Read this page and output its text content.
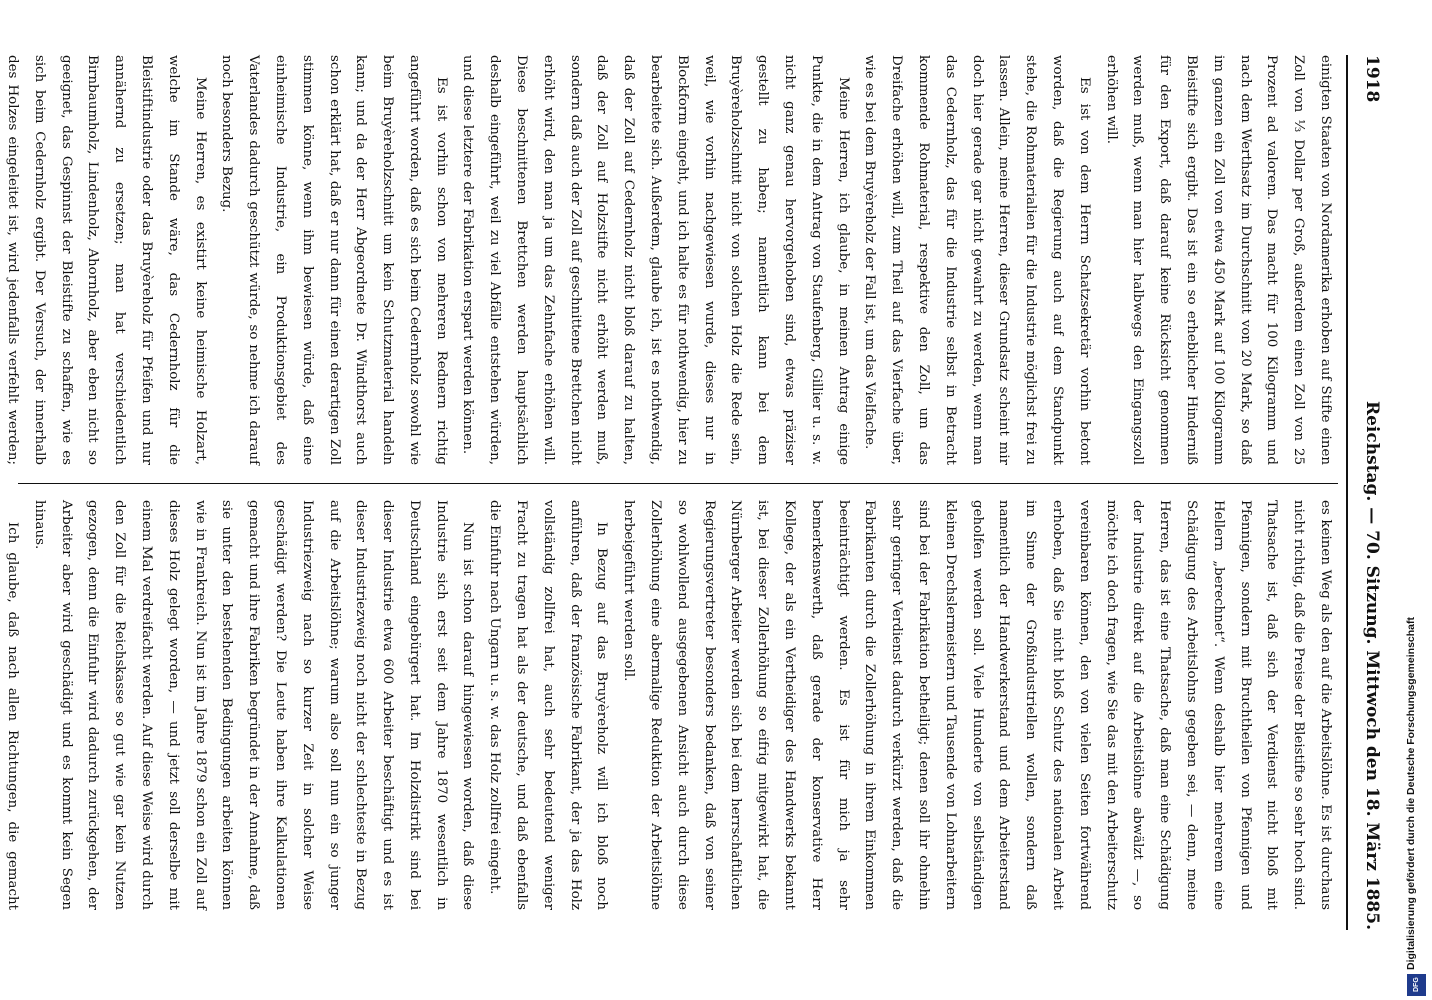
1918
Reichstag. — 70. Sitzung. Mittwoch den 18. März 1885.

einigten Staaten von Nordamerika erhoben auf Stifte einen Zoll von ⅓ Dollar per Groß, außerdem einen Zoll von 25 Prozent ad valorem. Das macht für 100 Kilogramm und nach dem Werthsatz im Durchschnitt von 20 Mark, so daß im ganzen ein Zoll von etwa 450 Mark auf 100 Kilogramm Bleistifte sich ergibt. Das ist ein so erheblicher Hinderniß für den Export, daß darauf keine Rücksicht genommen werden muß, wenn man hier halbwegs den Eingangszoll erhöhen will.

Es ist von dem Herrn Schatzsekretär vorhin betont worden, daß die Regierung auch auf dem Standpunkt stehe, die Rohmaterialien für die Industrie möglichst frei zu lassen. Allein, meine Herren, dieser Grundsatz scheint mir doch hier gerade gar nicht gewahrt zu werden, wenn man das Cedernholz, das für die Industrie selbst in Betracht kommende Rohmaterial, respektive den Zoll, um das Dreifache erhöhen will, zum Theil auf das Vierfache über, wie es bei dem Bruyèreholz der Fall ist, um das Vielfache.

Meine Herren, ich glaube, in meinen Antrag einige Punkte, die in dem Antrag von Staufenberg, Gillier u. s. w. nicht ganz genau hervorgehoben sind, etwas präziser gestellt zu haben; namentlich kann bei dem Bruyèreholzschnitt nicht von solchen Holz die Rede sein, weil, wie vorhin nachgewiesen wurde, dieses nur in Blockform eingeht, und ich halte es für nothwendig, hier zu bearbeitete sich. Außerdem, glaube ich, ist es nothwendig, daß der Zoll auf Cedernholz nicht bloß darauf zu halten, daß der Zoll auf Holzstifte nicht erhöht werden muß, sondern daß auch der Zoll auf geschnittene Brettchen nicht erhöht wird, den man ja um das Zehnfache erhöhen will. Diese beschnittenen Brettchen werden hauptsächlich deshalb eingeführt, weil zu viel Abfälle entstehen würden, und diese letztere der Fabrikation erspart werden können.

Es ist vorhin schon von mehreren Rednern richtig angeführt worden, daß es sich beim Cedernholz sowohl wie beim Bruyèreholzschnitt um kein Schutzmaterial handeln kann; und da der Herr Abgeordnete Dr. Windthorst auch schon erklärt hat, daß er nur dann für einen derartigen Zoll stimmen könne, wenn ihm bewiesen würde, daß eine einheimische Industrie, ein Produktionsgebiet des Vaterlandes dadurch geschützt würde, so nehme ich darauf noch besonders Bezug.

Meine Herren, es existirt keine heimische Holzart, welche im Stande wäre, das Cedernholz für die Bleistiftindustrie oder das Bruyèreholz für Pfeifen und nur annähernd zu ersetzen; man hat verschiedentlich Birnbaumholz, Lindenholz, Ahornholz, aber eben nicht so geeignet, das Gespinnst der Bleistifte zu schaffen, wie es sich beim Cedernholz ergibt. Der Versuch, der innerhalb des Holzes eingeleitet ist, wird jedenfalls verfehlt werden;

es keinen Weg als den auf die Arbeitslöhne. Es ist durchaus nicht richtig, daß die Preise der Bleistifte so sehr hoch sind. Thatsache ist, daß sich der Verdienst nicht bloß mit Pfennigen, sondern mit Bruchtheilen von Pfennigen und Hellern „berechnet“. Wenn deshalb hier mehrerem eine Schädigung des Arbeitslohns gegeben sei, — denn, meine Herren, das ist eine Thatsache, daß man eine Schädigung der Industrie direkt auf die Arbeitslöhne abwälzt —, so möchte ich doch fragen, wie Sie das mit den Arbeiterschutz vereinbaren können, den von vielen Seiten fortwährend erhoben, daß Sie nicht bloß Schutz des nationalen Arbeit im Sinne der Großindustriellen wollen, sondern daß namentlich der Handwerkerstand und dem Arbeiterstand geholfen werden soll. Viele Hunderte von selbständigen kleinen Drechslermeistern und Tausende von Lohnarbeitern sind bei der Fabrikation betheiligt; denen soll ihr ohnehin sehr geringer Verdienst dadurch verkürzt werden, daß die Fabrikanten durch die Zollerhöhung in ihrem Einkommen beeinträchtigt werden. Es ist für mich ja sehr bemerkenswerth, daß gerade der konservative Herr Kollege, der als ein Vertheidiger des Handwerks bekannt ist, bei dieser Zollerhöhung so eifrig mitgewirkt hat, die Nürnberger Arbeiter werden sich bei dem herrschaftlichen Regierungsvertreter besonders bedanken, daß von seiner so wohlwollend ausgegebenen Ansicht auch durch diese Zollerhöhung eine abermalige Reduktion der Arbeitslöhne herbeigeführt werden soll.

In Bezug auf das Bruyèreholz will ich bloß noch anführen, daß der französische Fabrikant, der ja das Holz vollständig zollfrei hat, auch sehr bedeutend weniger Fracht zu tragen hat als der deutsche, und daß ebenfalls die Einfuhr nach Ungarn u. s. w. das Holz zollfrei eingeht.

Nun ist schon darauf hingewiesen worden, daß diese Industrie sich erst seit dem Jahre 1870 wesentlich in Deutschland eingebürgert hat. Im Holzdistrikt sind bei dieser Industrie etwa 600 Arbeiter beschäftigt und es ist dieser Industriezweig noch nicht der schlechteste in Bezug auf die Arbeitslöhne; warum also soll nun ein so junger Industriezweig nach so kurzer Zeit in solcher Weise geschädigt werden? Die Leute haben ihre Kalkulationen gemacht und ihre Fabriken begründet in der Annahme, daß sie unter den bestehenden Bedingungen arbeiten können wie in Frankreich. Nun ist im Jahre 1879 schon ein Zoll auf dieses Holz gelegt worden, — und jetzt soll derselbe mit einem Mal verdreifacht werden. Auf diese Weise wird durch den Zoll für die Reichskasse so gut wie gar kein Nutzen gezogen, denn die Einfuhr wird dadurch zurückgehen, der Arbeiter aber wird geschädigt und es kommt kein Segen hinaus.

Ich glaube, daß nach allen Richtungen, die gemacht	Digitalisierung gefördert durch die Deutsche Forschungsgemeinschaft
DFG
